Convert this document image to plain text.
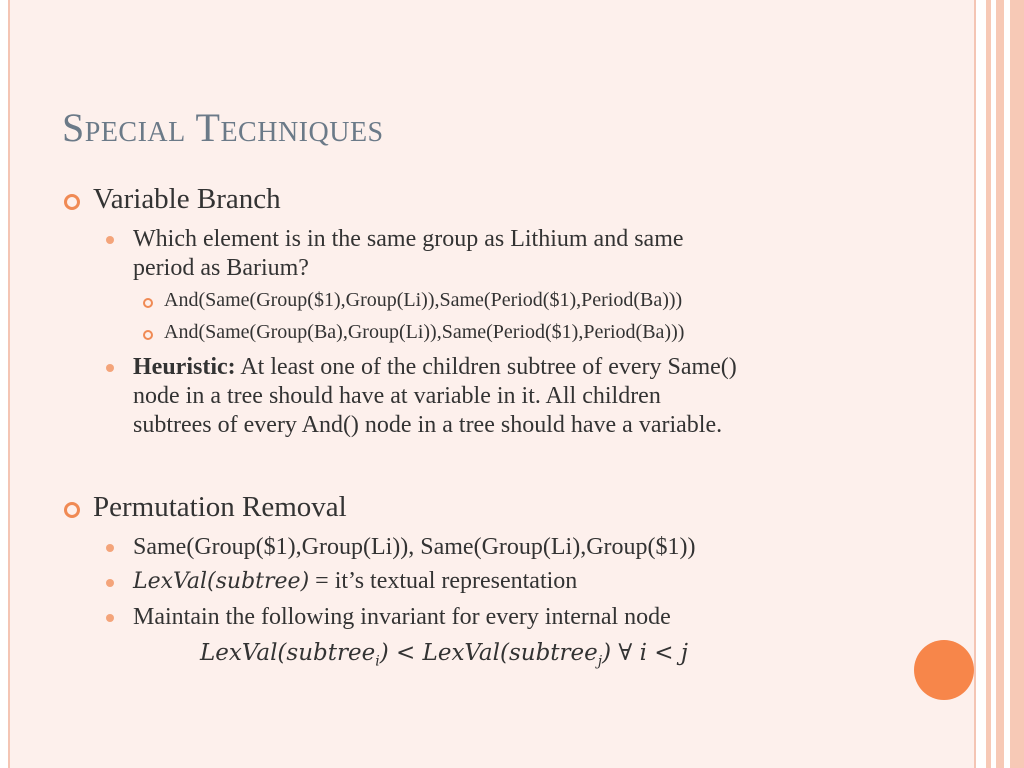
Special Techniques
Variable Branch
Which element is in the same group as Lithium and same
period as Barium?
And(Same(Group($1),Group(Li)),Same(Period($1),Period(Ba)))
And(Same(Group(Ba),Group(Li)),Same(Period($1),Period(Ba)))
Heuristic: At least one of the children subtree of every Same()
node in a tree should have at variable in it. All children
subtrees of every And() node in a tree should have a variable.
Permutation Removal
Same(Group($1),Group(Li)), Same(Group(Li),Group($1))
LexVal(subtree) = it’s textual representation
Maintain the following invariant for every internal node
LexVal(subtree$_i$) < LexVal(subtree$_j$) ∀ i < j
